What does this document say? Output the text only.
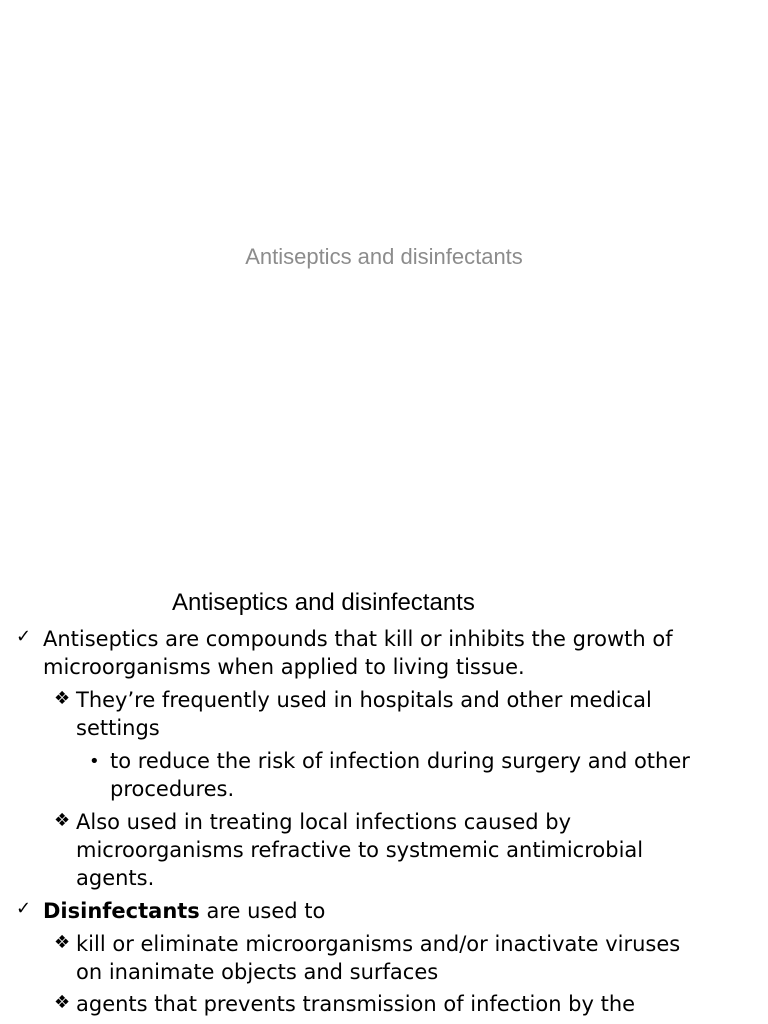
Antiseptics and disinfectants
Antiseptics and disinfectants
✓ Antiseptics are compounds that kill or inhibits the growth of
microorganisms when applied to living tissue.
❖ They’re frequently used in hospitals and other medical
settings
• to reduce the risk of infection during surgery and other
procedures.
❖ Also used in treating local infections caused by
microorganisms refractive to systmemic antimicrobial
agents.
✓ Disinfectants are used to
❖ kill or eliminate microorganisms and/or inactivate viruses
on inanimate objects and surfaces
❖ agents that prevents transmission of infection by the
